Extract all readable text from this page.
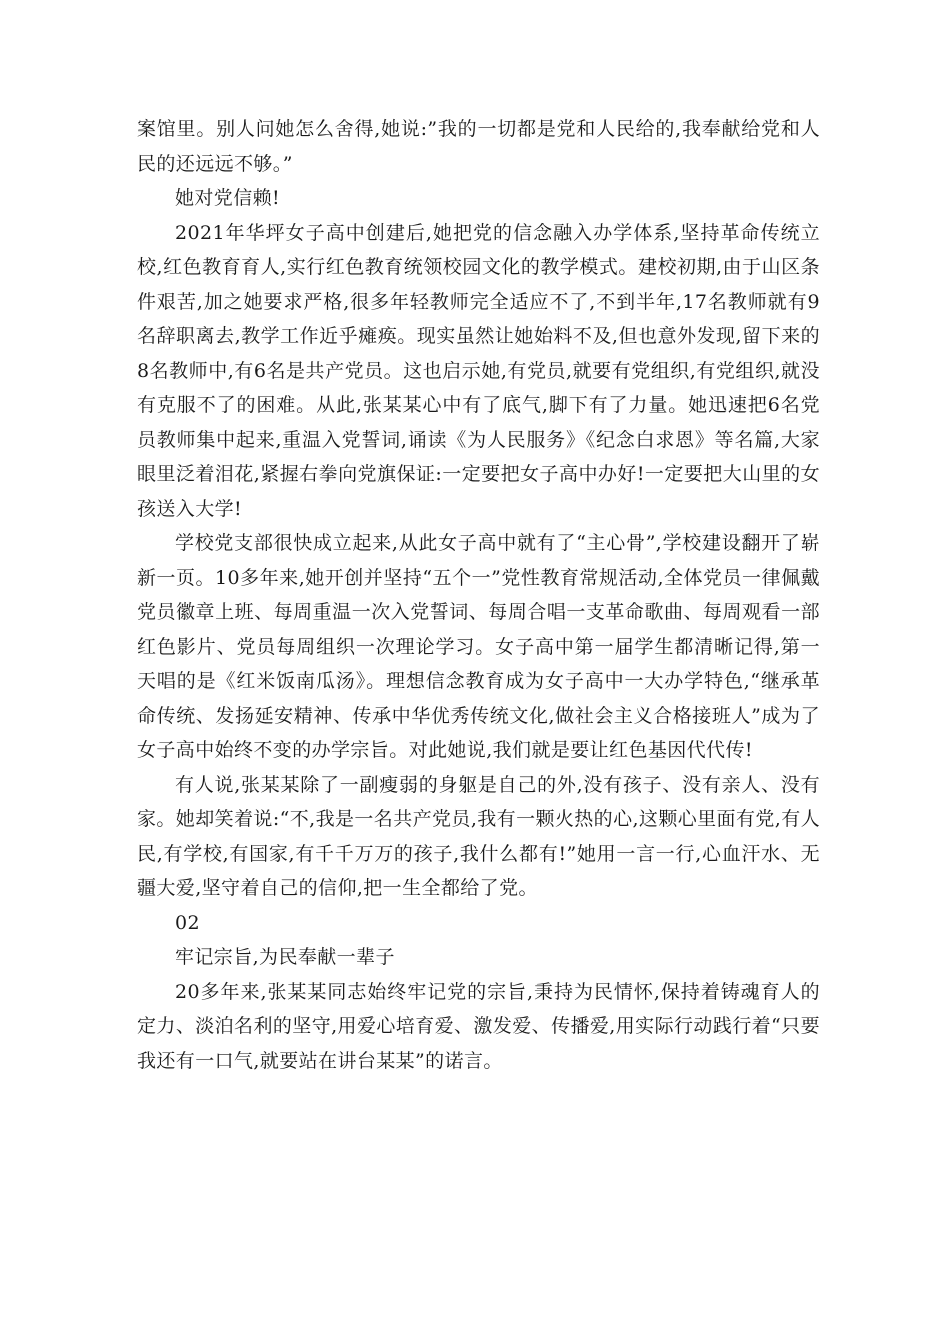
案馆里。别人问她怎么舍得,她说:”我的一切都是党和人民给的,我奉献给党和人民的还远远不够。”

她对党信赖!

2021年华坪女子高中创建后,她把党的信念融入办学体系,坚持革命传统立校,红色教育育人,实行红色教育统领校园文化的教学模式。建校初期,由于山区条件艰苦,加之她要求严格,很多年轻教师完全适应不了,不到半年,17名教师就有9名辞职离去,教学工作近乎瘫痪。现实虽然让她始料不及,但也意外发现,留下来的8名教师中,有6名是共产党员。这也启示她,有党员,就要有党组织,有党组织,就没有克服不了的困难。从此,张某某心中有了底气,脚下有了力量。她迅速把6名党员教师集中起来,重温入党誓词,诵读《为人民服务》《纪念白求恩》等名篇,大家眼里泛着泪花,紧握右拳向党旗保证:一定要把女子高中办好!一定要把大山里的女孩送入大学!

学校党支部很快成立起来,从此女子高中就有了“主心骨”,学校建设翻开了崭新一页。10多年来,她开创并坚持“五个一”党性教育常规活动,全体党员一律佩戴党员徽章上班、每周重温一次入党誓词、每周合唱一支革命歌曲、每周观看一部红色影片、党员每周组织一次理论学习。女子高中第一届学生都清晰记得,第一天唱的是《红米饭南瓜汤》。理想信念教育成为女子高中一大办学特色,“继承革命传统、发扬延安精神、传承中华优秀传统文化,做社会主义合格接班人”成为了女子高中始终不变的办学宗旨。对此她说,我们就是要让红色基因代代传!

有人说,张某某除了一副瘦弱的身躯是自己的外,没有孩子、没有亲人、没有家。她却笑着说:“不,我是一名共产党员,我有一颗火热的心,这颗心里面有党,有人民,有学校,有国家,有千千万万的孩子,我什么都有!”她用一言一行,心血汗水、无疆大爱,坚守着自己的信仰,把一生全都给了党。

02

牢记宗旨,为民奉献一辈子

20多年来,张某某同志始终牢记党的宗旨,秉持为民情怀,保持着铸魂育人的定力、淡泊名利的坚守,用爱心培育爱、激发爱、传播爱,用实际行动践行着“只要我还有一口气,就要站在讲台某某”的诺言。
